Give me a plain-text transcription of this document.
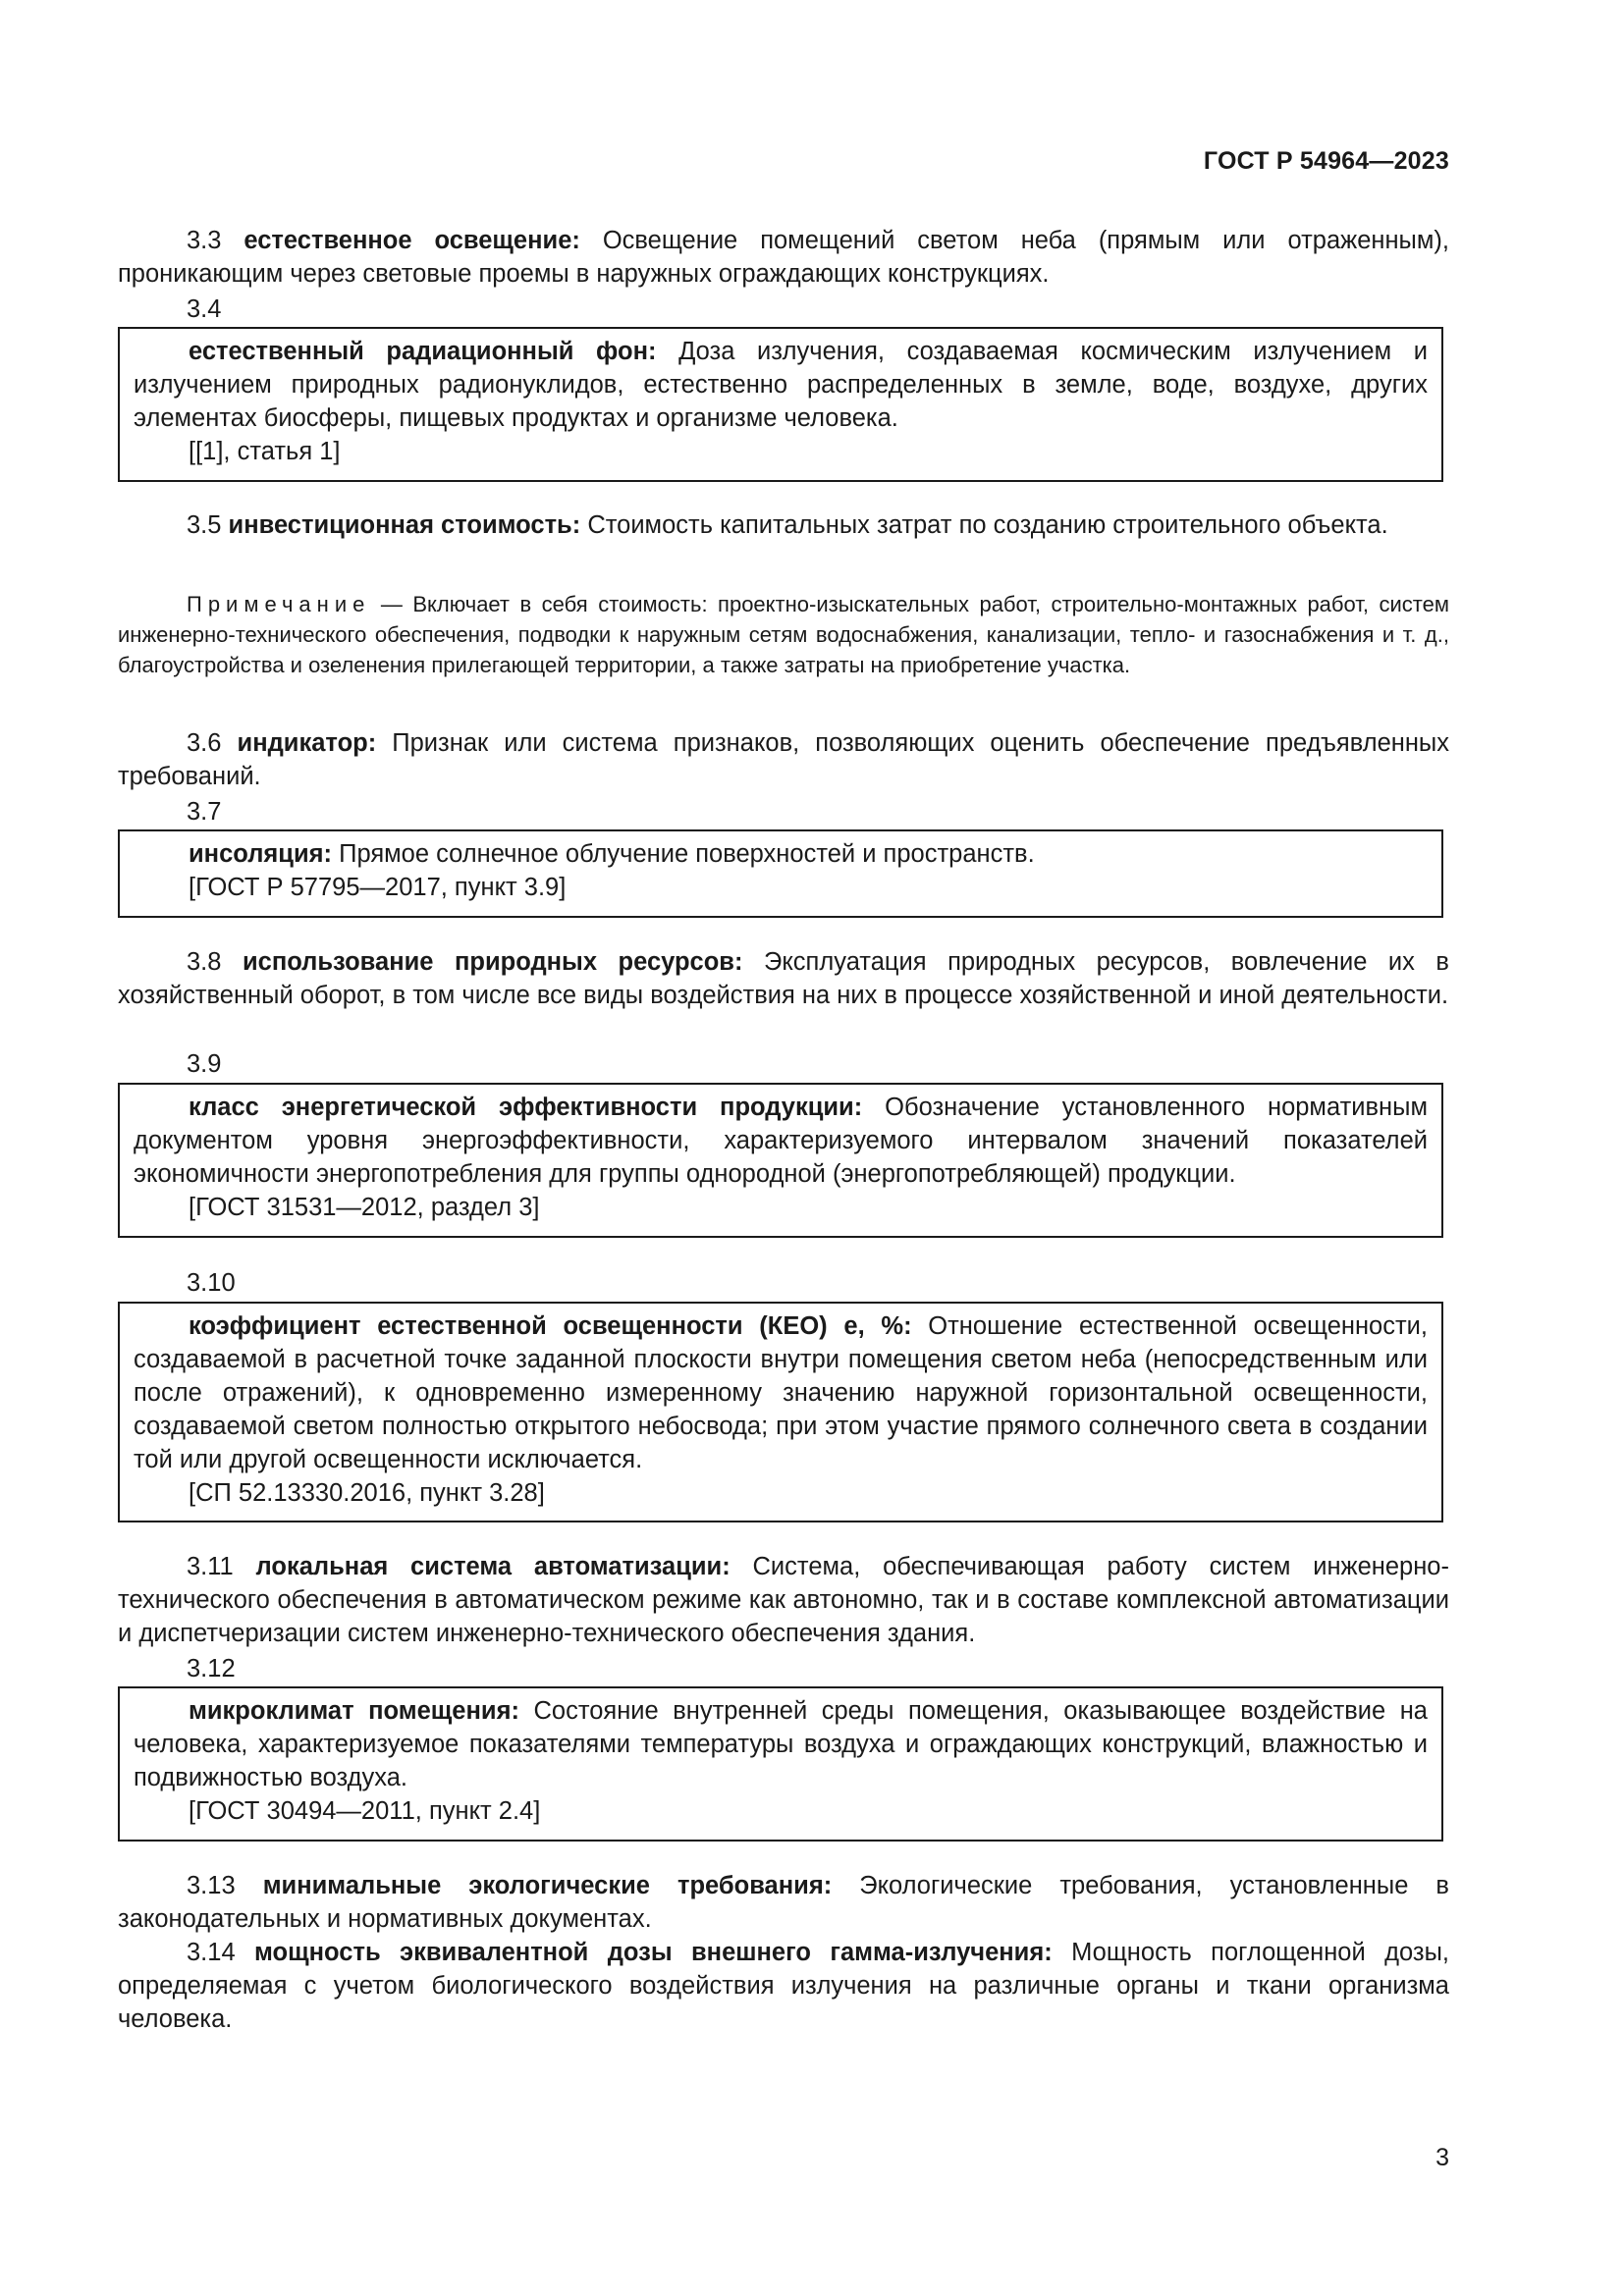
ГОСТ Р 54964—2023

3.3 естественное освещение: Освещение помещений светом неба (прямым или отраженным), проникающим через световые проемы в наружных ограждающих конструкциях.

3.4

естественный радиационный фон: Доза излучения, создаваемая космическим излучением и излучением природных радионуклидов, естественно распределенных в земле, воде, воздухе, других элементах биосферы, пищевых продуктах и организме человека.

[[1], статья 1]

3.5 инвестиционная стоимость: Стоимость капитальных затрат по созданию строительного объекта.

Примечание — Включает в себя стоимость: проектно-изыскательных работ, строительно-монтажных работ, систем инженерно-технического обеспечения, подводки к наружным сетям водоснабжения, канализации, тепло- и газоснабжения и т. д., благоустройства и озеленения прилегающей территории, а также затраты на приобретение участка.

3.6 индикатор: Признак или система признаков, позволяющих оценить обеспечение предъявленных требований.

3.7

инсоляция: Прямое солнечное облучение поверхностей и пространств.

[ГОСТ Р 57795—2017, пункт 3.9]

3.8 использование природных ресурсов: Эксплуатация природных ресурсов, вовлечение их в хозяйственный оборот, в том числе все виды воздействия на них в процессе хозяйственной и иной деятельности.

3.9

класс энергетической эффективности продукции: Обозначение установленного нормативным документом уровня энергоэффективности, характеризуемого интервалом значений показателей экономичности энергопотребления для группы однородной (энергопотребляющей) продукции.

[ГОСТ 31531—2012, раздел 3]

3.10

коэффициент естественной освещенности (КЕО) e, %: Отношение естественной освещенности, создаваемой в расчетной точке заданной плоскости внутри помещения светом неба (непосредственным или после отражений), к одновременно измеренному значению наружной горизонтальной освещенности, создаваемой светом полностью открытого небосвода; при этом участие прямого солнечного света в создании той или другой освещенности исключается.

[СП 52.13330.2016, пункт 3.28]

3.11 локальная система автоматизации: Система, обеспечивающая работу систем инженерно-технического обеспечения в автоматическом режиме как автономно, так и в составе комплексной автоматизации и диспетчеризации систем инженерно-технического обеспечения здания.

3.12

микроклимат помещения: Состояние внутренней среды помещения, оказывающее воздействие на человека, характеризуемое показателями температуры воздуха и ограждающих конструкций, влажностью и подвижностью воздуха.

[ГОСТ 30494—2011, пункт 2.4]

3.13 минимальные экологические требования: Экологические требования, установленные в законодательных и нормативных документах.

3.14 мощность эквивалентной дозы внешнего гамма-излучения: Мощность поглощенной дозы, определяемая с учетом биологического воздействия излучения на различные органы и ткани организма человека.

3
